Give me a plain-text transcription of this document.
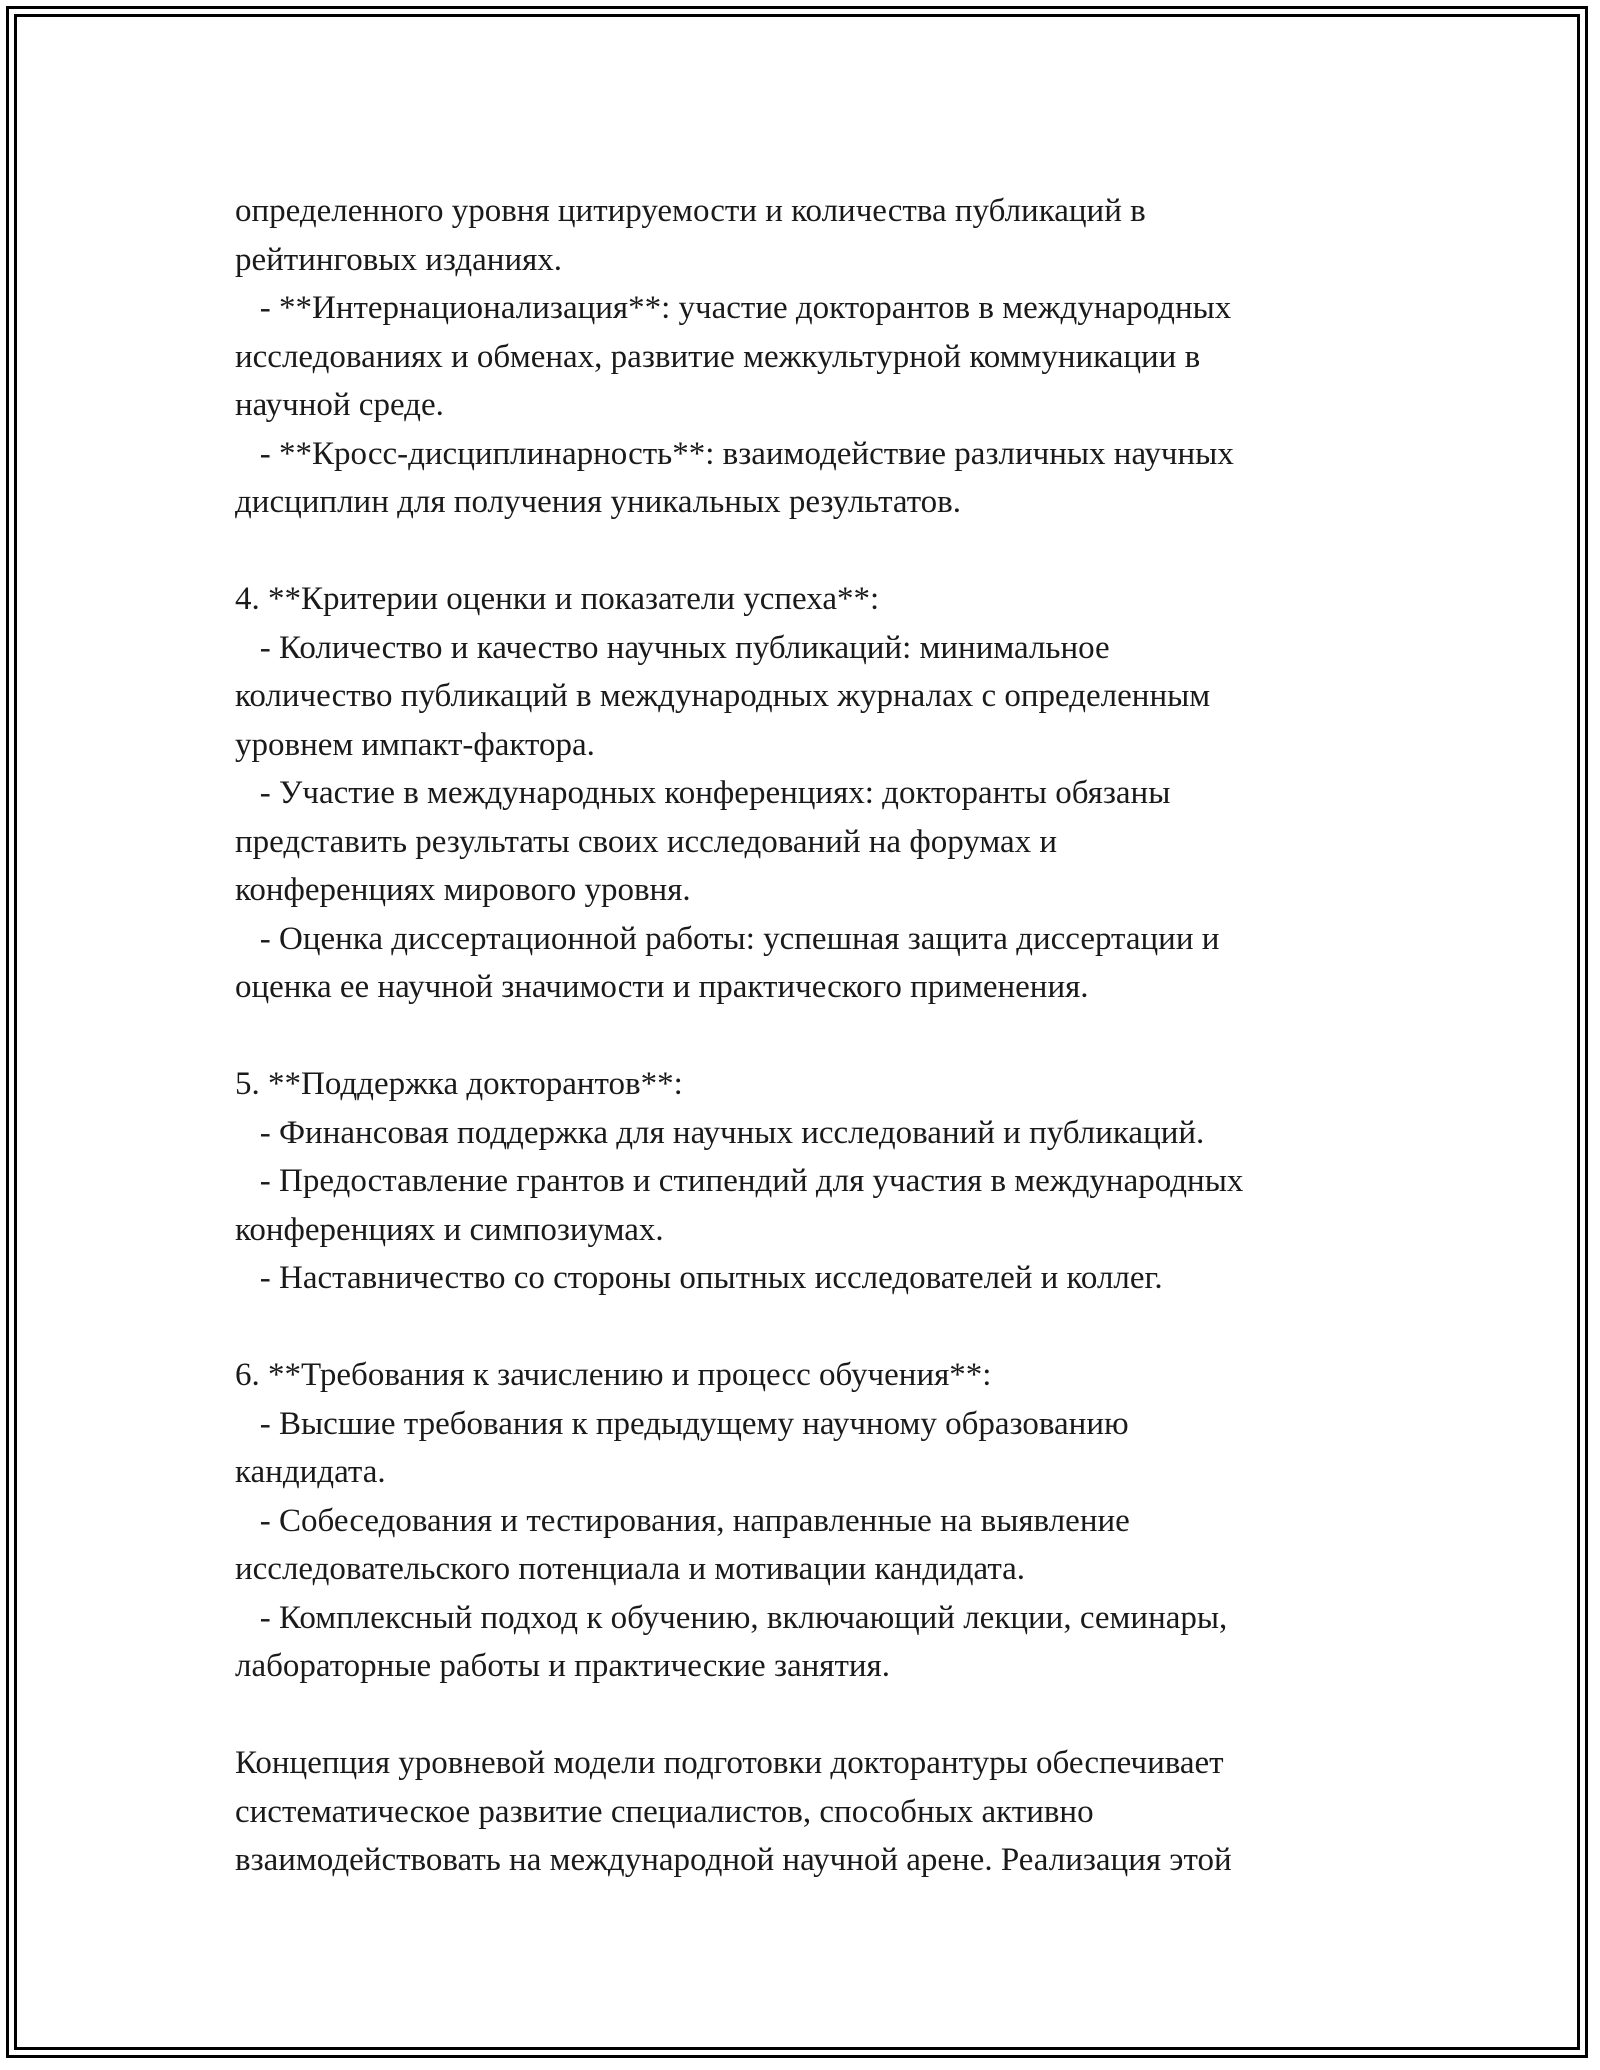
определенного уровня цитируемости и количества публикаций в
рейтинговых изданиях.
- **Интернационализация**: участие докторантов в международных
исследованиях и обменах, развитие межкультурной коммуникации в
научной среде.
- **Кросс-дисциплинарность**: взаимодействие различных научных
дисциплин для получения уникальных результатов.
4. **Критерии оценки и показатели успеха**:
- Количество и качество научных публикаций: минимальное
количество публикаций в международных журналах с определенным
уровнем импакт-фактора.
- Участие в международных конференциях: докторанты обязаны
представить результаты своих исследований на форумах и
конференциях мирового уровня.
- Оценка диссертационной работы: успешная защита диссертации и
оценка ее научной значимости и практического применения.
5. **Поддержка докторантов**:
- Финансовая поддержка для научных исследований и публикаций.
- Предоставление грантов и стипендий для участия в международных
конференциях и симпозиумах.
- Наставничество со стороны опытных исследователей и коллег.
6. **Требования к зачислению и процесс обучения**:
- Высшие требования к предыдущему научному образованию
кандидата.
- Собеседования и тестирования, направленные на выявление
исследовательского потенциала и мотивации кандидата.
- Комплексный подход к обучению, включающий лекции, семинары,
лабораторные работы и практические занятия.
Концепция уровневой модели подготовки докторантуры обеспечивает
систематическое развитие специалистов, способных активно
взаимодействовать на международной научной арене. Реализация этой
